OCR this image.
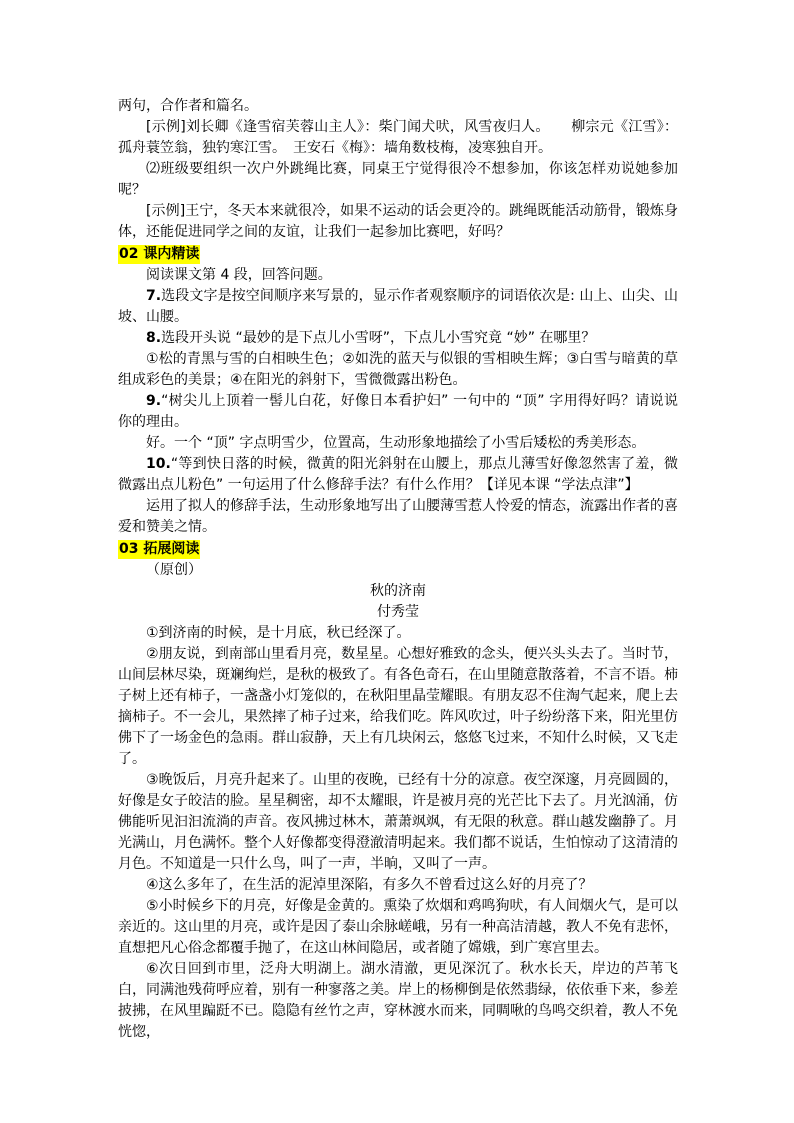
两句，合作者和篇名。

[示例]刘长卿《逢雪宿芙蓉山主人》：柴门闻犬吠，风雪夜归人。　　柳宗元《江雪》：孤舟蓑笠翁，独钓寒江雪。　王安石《梅》：墙角数枝梅，凌寒独自开。

⑵班级要组织一次户外跳绳比赛，同桌王宁觉得很冷不想参加，你该怎样劝说她参加呢？

[示例]王宁，冬天本来就很冷，如果不运动的话会更冷的。跳绳既能活动筋骨，锻炼身体，还能促进同学之间的友谊，让我们一起参加比赛吧，好吗？

02 课内精读

阅读课文第 4 段，回答问题。

7.选段文字是按空间顺序来写景的，显示作者观察顺序的词语依次是: 山上、山尖、山坡、山腰。

8.选段开头说 “最妙的是下点儿小雪呀”，下点儿小雪究竟 “妙” 在哪里？

①松的青黑与雪的白相映生色；②如洗的蓝天与似银的雪相映生辉；③白雪与暗黄的草组成彩色的美景；④在阳光的斜射下，雪微微露出粉色。

9.“树尖儿上顶着一髻儿白花，好像日本看护妇” 一句中的 “顶” 字用得好吗？请说说你的理由。

好。一个 “顶” 字点明雪少，位置高，生动形象地描绘了小雪后矮松的秀美形态。

10.“等到快日落的时候，微黄的阳光斜射在山腰上，那点儿薄雪好像忽然害了羞，微微露出点儿粉色” 一句运用了什么修辞手法？有什么作用？【详见本课 “学法点津”】

运用了拟人的修辞手法，生动形象地写出了山腰薄雪惹人怜爱的情态，流露出作者的喜爱和赞美之情。

03 拓展阅读

（原创）

秋的济南

付秀莹

①到济南的时候，是十月底，秋已经深了。

②朋友说，到南部山里看月亮，数星星。心想好雅致的念头，便兴头头去了。当时节，山间层林尽染，斑斓绚烂，是秋的极致了。有各色奇石，在山里随意散落着，不言不语。柿子树上还有柿子，一盏盏小灯笼似的，在秋阳里晶莹耀眼。有朋友忍不住淘气起来，爬上去摘柿子。不一会儿，果然摔了柿子过来，给我们吃。阵风吹过，叶子纷纷落下来，阳光里仿佛下了一场金色的急雨。群山寂静，天上有几块闲云，悠悠飞过来，不知什么时候，又飞走了。

③晚饭后，月亮升起来了。山里的夜晚，已经有十分的凉意。夜空深邃，月亮圆圆的，好像是女子皎洁的脸。星星稠密，却不太耀眼，许是被月亮的光芒比下去了。月光汹涌，仿佛能听见汩汩流淌的声音。夜风拂过林木，萧萧飒飒，有无限的秋意。群山越发幽静了。月光满山，月色满怀。整个人好像都变得澄澈清明起来。我们都不说话，生怕惊动了这清清的月色。不知道是一只什么鸟，叫了一声，半晌，又叫了一声。

④这么多年了，在生活的泥淖里深陷，有多久不曾看过这么好的月亮了？

⑤小时候乡下的月亮，好像是金黄的。熏染了炊烟和鸡鸣狗吠，有人间烟火气，是可以亲近的。这山里的月亮，或许是因了泰山余脉嵯峨，另有一种高洁清越，教人不免有悲怀，直想把凡心俗念都覆手抛了，在这山林间隐居，或者随了嫦娥，到广寒宫里去。

⑥次日回到市里，泛舟大明湖上。湖水清澈，更见深沉了。秋水长天，岸边的芦苇飞白，同满池残荷呼应着，别有一种寥落之美。岸上的杨柳倒是依然翡绿，依依垂下来，参差披拂，在风里蹁跹不已。隐隐有丝竹之声，穿林渡水而来，同啁啾的鸟鸣交织着，教人不免恍惚，
